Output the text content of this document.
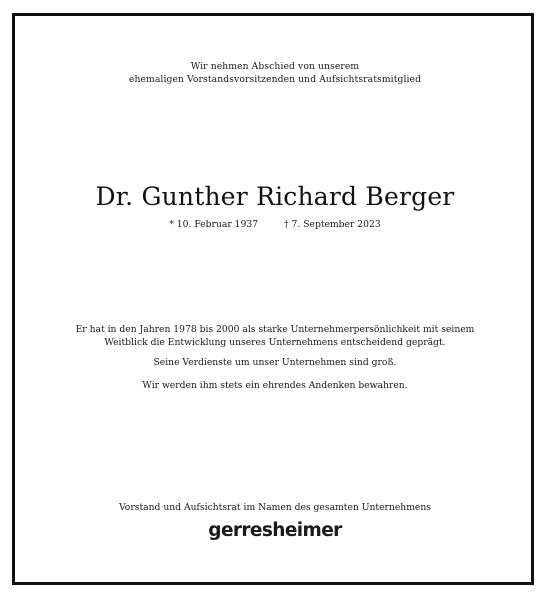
Wir nehmen Abschied von unserem
ehemaligen Vorstandsvorsitzenden und Aufsichtsratsmitglied
Dr. Gunther Richard Berger
* 10. Februar 1937	† 7. September 2023
Er hat in den Jahren 1978 bis 2000 als starke Unternehmerpersönlichkeit mit seinem
Weitblick die Entwicklung unseres Unternehmens entscheidend geprägt.
Seine Verdienste um unser Unternehmen sind groß.
Wir werden ihm stets ein ehrendes Andenken bewahren.
Vorstand und Aufsichtsrat im Namen des gesamten Unternehmens
gerresheimer
